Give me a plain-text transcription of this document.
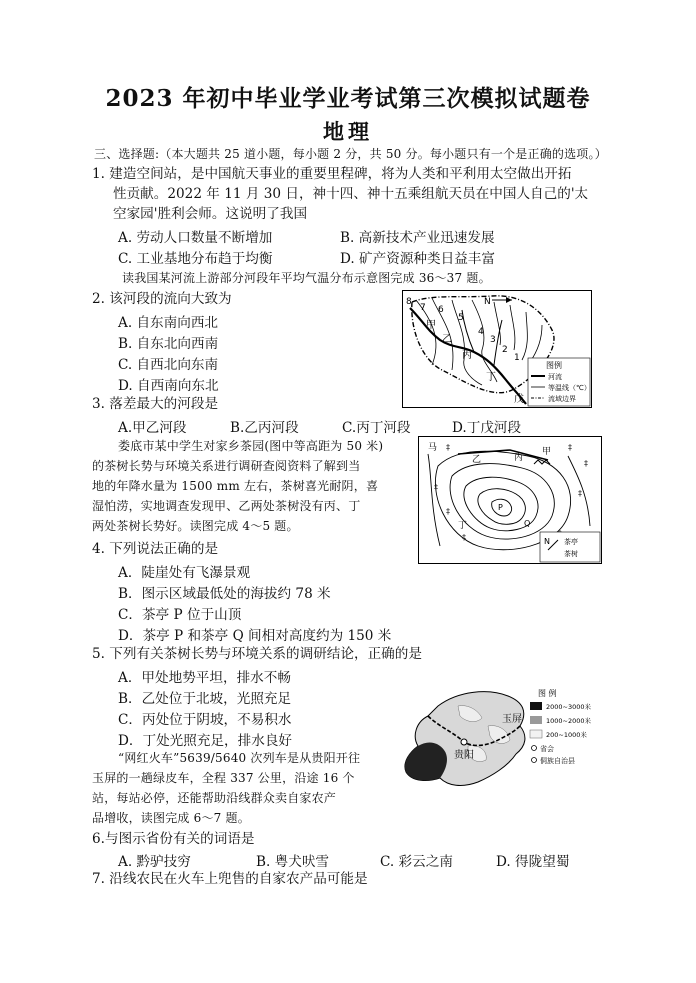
2023 年初中毕业学业考试第三次模拟试题卷
地理
三、选择题:（本大题共 25 道小题，每小题 2 分，共 50 分。每小题只有一个是正确的选项。）
1. 建造空间站，是中国航天事业的重要里程碑，将为人类和平利用太空做出开拓
性贡献。2022 年 11 月 30 日，神十四、神十五乘组航天员在中国人自己的'太
空家园'胜利会师。这说明了我国
A. 劳动人口数量不断增加	B. 高新技术产业迅速发展
C. 工业基地分布趋于均衡	D. 矿产资源种类日益丰富
读我国某河流上游部分河段年平均气温分布示意图完成 36～37 题。
2. 该河段的流向大致为
A. 自东南向西北
B. 自东北向西南
C. 自西北向东南
D. 自西南向东北
3. 落差最大的河段是
A.甲乙河段	B.乙丙河段	C.丙丁河段	D.丁戊河段
娄底市某中学生对家乡茶园(图中等高距为 50 米)
的茶树长势与环境关系进行调研查阅资料了解到当
地的年降水量为 1500 mm 左右，茶树喜光耐阴，喜
湿怕涝，实地调查发现甲、乙两处茶树没有丙、丁
两处茶树长势好。读图完成 4～5 题。
4. 下列说法正确的是
A．陡崖处有飞瀑景观
B．图示区域最低处的海拔约 78 米
C．茶亭 P 位于山顶
D．茶亭 P 和茶亭 Q 间相对高度约为 150 米
5. 下列有关茶树长势与环境关系的调研结论，正确的是
A．甲处地势平坦，排水不畅
B．乙处位于北坡，光照充足
C．丙处位于阴坡，不易积水
D．丁处光照充足，排水良好
“网红火车”5639/5640 次列车是从贵阳开往
玉屏的一趟绿皮车，全程 337 公里，沿途 16 个
站，每站必停，还能帮助沿线群众卖自家农产
品增收，读图完成 6～7 题。
6.与图示省份有关的词语是
A. 黔驴技穷	B. 粤犬吠雪	C. 彩云之南	D. 得陇望蜀
7. 沿线农民在火车上兜售的自家农产品可能是
8
7 6
5
4
3
2
1
甲
乙
丙
丁
戊
N
图例
河流
等温线（℃）
流域边界
⻢ ‡	‡
‡
‡
‡
‡
‡
乙	丙
甲
丁
P
Q
N 茶亭
茶树
贵阳
玉屏
图 例
2000~3000米
1000~2000米
200~1000米
省会
侗族自治县
